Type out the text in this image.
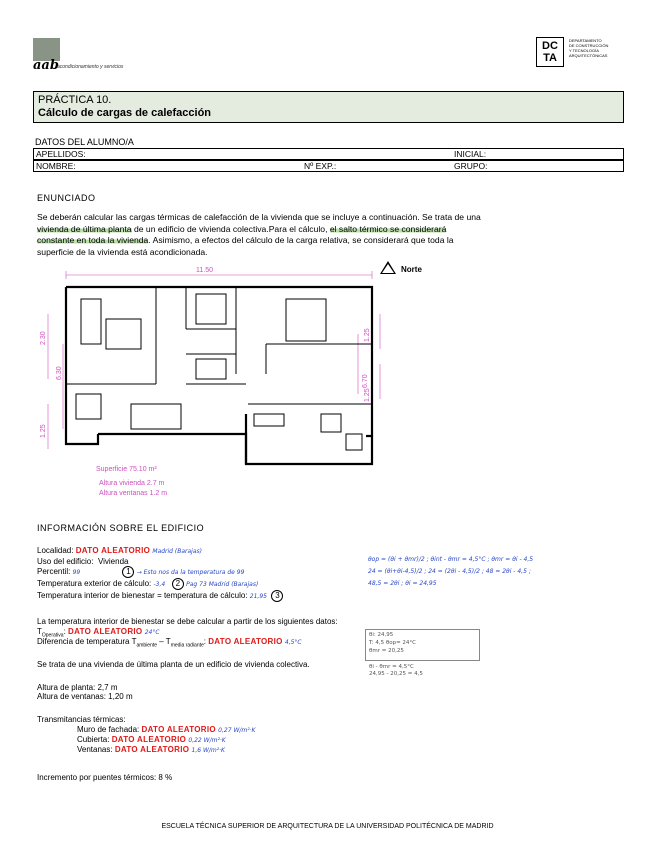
aab
acondicionamiento y servicios
DC
TA
DEPARTAMENTO
DE CONSTRUCCIÓN
Y TECNOLOGÍA
ARQUITECTÓNICAS
PRÁCTICA 10.
Cálculo de cargas de calefacción
DATOS DEL ALUMNO/A
APELLIDOS:	INICIAL:
NOMBRE:	Nº EXP.:	GRUPO:
ENUNCIADO
Se deberán calcular las cargas térmicas de calefacción de la vivienda que se incluye a continuación. Se trata de una
vivienda de última planta de un edificio de vivienda colectiva.Para el cálculo, el salto térmico se considerará
constante en toda la vivienda. Asimismo, a efectos del cálculo de la carga relativa, se considerará que toda la
superficie de la vivienda está acondicionada.
11.50
2.30
6.30
1.25
1.25
6.70
1.25
Norte
Superficie 75.10 m²
Altura vivienda 2.7 m
Altura ventanas 1.2 m
INFORMACIÓN SOBRE EL EDIFICIO
Localidad: DATO ALEATORIO Madrid (Barajas)
Uso del edificio: Vivienda
Percentil: 99	1 → Esto nos da la temperatura de 99
Temperatura exterior de cálculo: -3,4 2 Pag 73 Madrid (Barajas)
Temperatura interior de bienestar = temperatura de cálculo: 21,95 3
θop = (θi + θmr)/2 ; θint - θmr = 4,5°C ; θmr = θi - 4,5
24 = (θi+θi-4,5)/2 ; 24 = (2θi - 4,5)/2 ; 48 = 2θi - 4,5 ;
48,5 = 2θi ; θi = 24,95
La temperatura interior de bienestar se debe calcular a partir de los siguientes datos:
$T_{Operativa}$: DATO ALEATORIO 24°C
Diferencia de temperatura $T_{ambiente} - T_{media radiante}$: DATO ALEATORIO 4,5°C
θi: 24,95
T: 4,5 θop= 24°C
θmr = 20,25
θi - θmr = 4,5°C
24,95 - 20,25 = 4,5
Se trata de una vivienda de última planta de un edificio de vivienda colectiva.
Altura de planta: 2,7 m
Altura de ventanas: 1,20 m
Transmitancias térmicas:
Muro de fachada: DATO ALEATORIO 0,27 W/m²·K
Cubierta: DATO ALEATORIO 0,22 W/m²·K
Ventanas: DATO ALEATORIO 1,6 W/m²·K
Incremento por puentes térmicos: 8 %
ESCUELA TÉCNICA SUPERIOR DE ARQUITECTURA DE LA UNIVERSIDAD POLITÉCNICA DE MADRID
